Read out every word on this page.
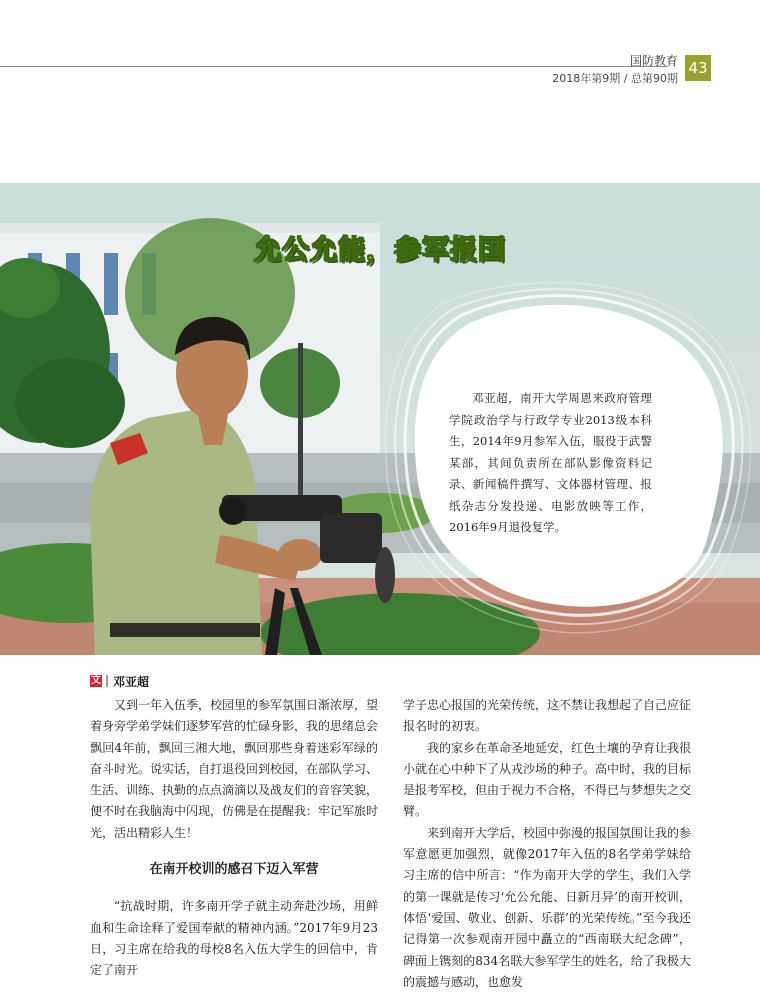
国防教育
2018年第9期 / 总第90期
43
允公允能，参军报国
邓亚超，南开大学周恩来政府管理学院政治学与行政学专业2013级本科生，2014年9月参军入伍，服役于武警某部，其间负责所在部队影像资料记录、新闻稿件撰写、文体器材管理、报纸杂志分发投递、电影放映等工作，2016年9月退役复学。
文 邓亚超

又到一年入伍季，校园里的参军氛围日渐浓厚，望着身旁学弟学妹们逐梦军营的忙碌身影，我的思绪总会飘回4年前，飘回三湘大地，飘回那些身着迷彩军绿的奋斗时光。说实话，自打退役回到校园，在部队学习、生活、训练、执勤的点点滴滴以及战友们的音容笑貌，便不时在我脑海中闪现，仿佛是在提醒我：牢记军旅时光，活出精彩人生！

在南开校训的感召下迈入军营

“抗战时期，许多南开学子就主动奔赴沙场，用鲜血和生命诠释了爱国奉献的精神内涵。”2017年9月23日，习主席在给我的母校8名入伍大学生的回信中，肯定了南开

学子忠心报国的光荣传统，这不禁让我想起了自己应征报名时的初衷。

我的家乡在革命圣地延安，红色土壤的孕育让我很小就在心中种下了从戎沙场的种子。高中时，我的目标是报考军校，但由于视力不合格，不得已与梦想失之交臂。

来到南开大学后，校园中弥漫的报国氛围让我的参军意愿更加强烈，就像2017年入伍的8名学弟学妹给习主席的信中所言：“作为南开大学的学生，我们入学的第一课就是传习‘允公允能、日新月异’的南开校训，体悟‘爱国、敬业、创新、乐群’的光荣传统。”至今我还记得第一次参观南开园中矗立的“西南联大纪念碑”，碑面上镌刻的834名联大参军学生的姓名，给了我极大的震撼与感动，也愈发
